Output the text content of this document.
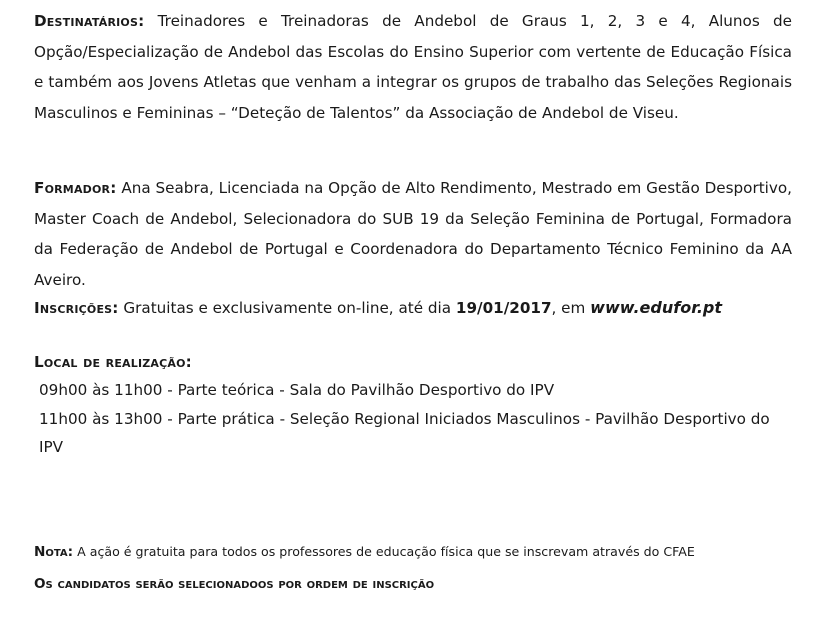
Destinatários: Treinadores e Treinadoras de Andebol de Graus 1, 2, 3 e 4, Alunos de Opção/Especialização de Andebol das Escolas do Ensino Superior com vertente de Educação Física e também aos Jovens Atletas que venham a integrar os grupos de trabalho das Seleções Regionais Masculinos e Femininas – “Deteção de Talentos” da Associação de Andebol de Viseu.

Formador: Ana Seabra, Licenciada na Opção de Alto Rendimento, Mestrado em Gestão Desportivo, Master Coach de Andebol, Selecionadora do SUB 19 da Seleção Feminina de Portugal, Formadora da Federação de Andebol de Portugal e Coordenadora do Departamento Técnico Feminino da AA Aveiro.

Inscrições: Gratuitas e exclusivamente on-line, até dia 19/01/2017, em www.edufor.pt

Local de realização:
09h00 às 11h00 - Parte teórica - Sala do Pavilhão Desportivo do IPV
11h00 às 13h00 - Parte prática - Seleção Regional Iniciados Masculinos - Pavilhão Desportivo do IPV

Nota: A ação é gratuita para todos os professores de educação física que se inscrevam através do CFAE

Os candidatos serão selecionadoos por ordem de inscrição
